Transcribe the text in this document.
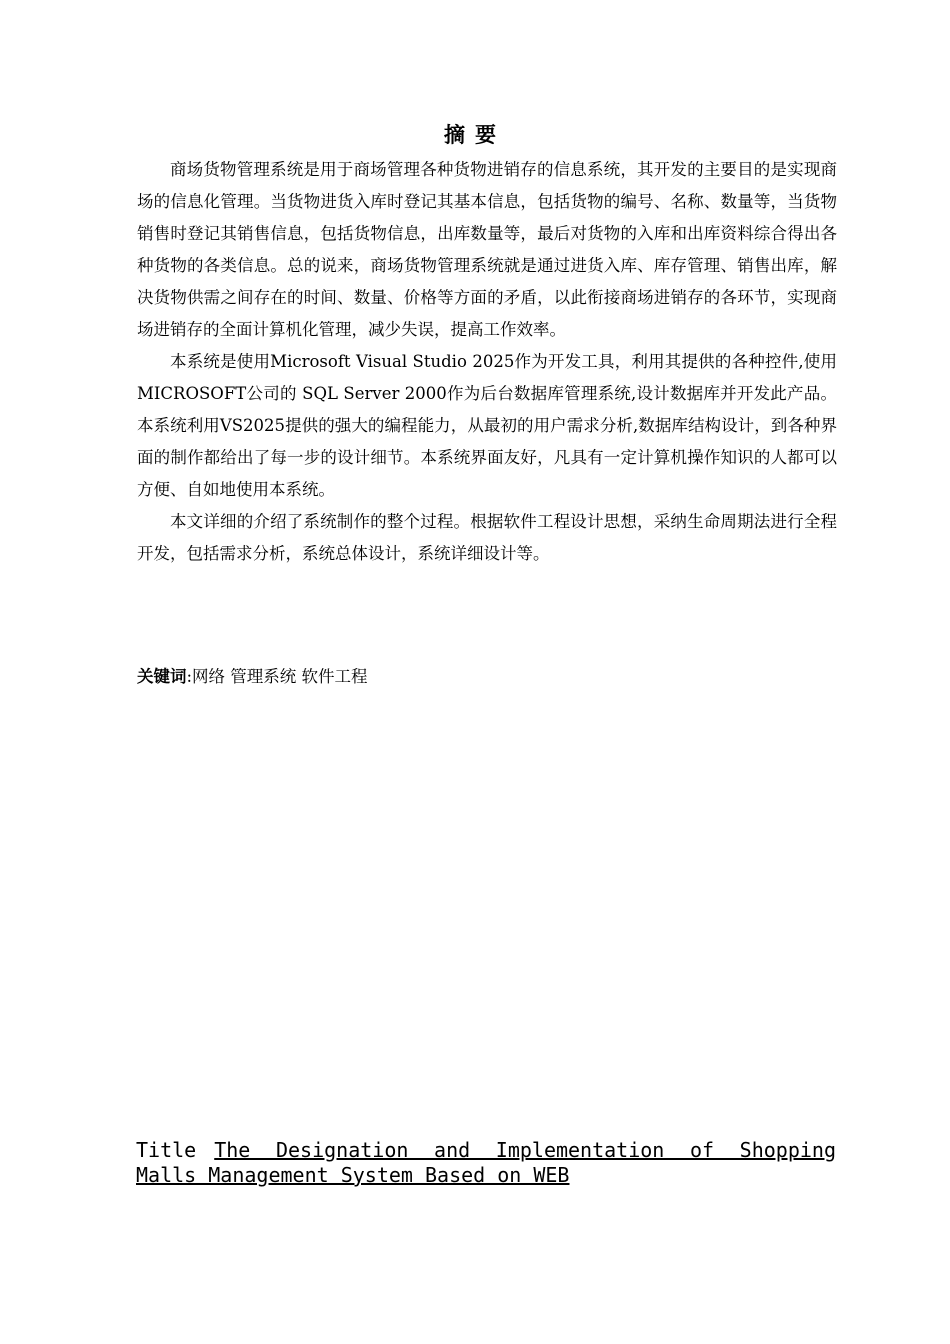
摘要

商场货物管理系统是用于商场管理各种货物进销存的信息系统，其开发的主要目的是实现商场的信息化管理。当货物进货入库时登记其基本信息，包括货物的编号、名称、数量等，当货物销售时登记其销售信息，包括货物信息，出库数量等，最后对货物的入库和出库资料综合得出各种货物的各类信息。总的说来，商场货物管理系统就是通过进货入库、库存管理、销售出库，解决货物供需之间存在的时间、数量、价格等方面的矛盾，以此衔接商场进销存的各环节，实现商场进销存的全面计算机化管理，减少失误，提高工作效率。

本系统是使用Microsoft Visual Studio 2025作为开发工具，利用其提供的各种控件,使用 MICROSOFT公司的 SQL Server 2000作为后台数据库管理系统,设计数据库并开发此产品。本系统利用VS2025提供的强大的编程能力，从最初的用户需求分析,数据库结构设计，到各种界面的制作都给出了每一步的设计细节。本系统界面友好，凡具有一定计算机操作知识的人都可以方便、自如地使用本系统。

本文详细的介绍了系统制作的整个过程。根据软件工程设计思想，采纳生命周期法进行全程开发，包括需求分析，系统总体设计，系统详细设计等。

关键词:网络 管理系统 软件工程
Title The Designation and Implementation of Shopping Malls Management System Based on WEB
